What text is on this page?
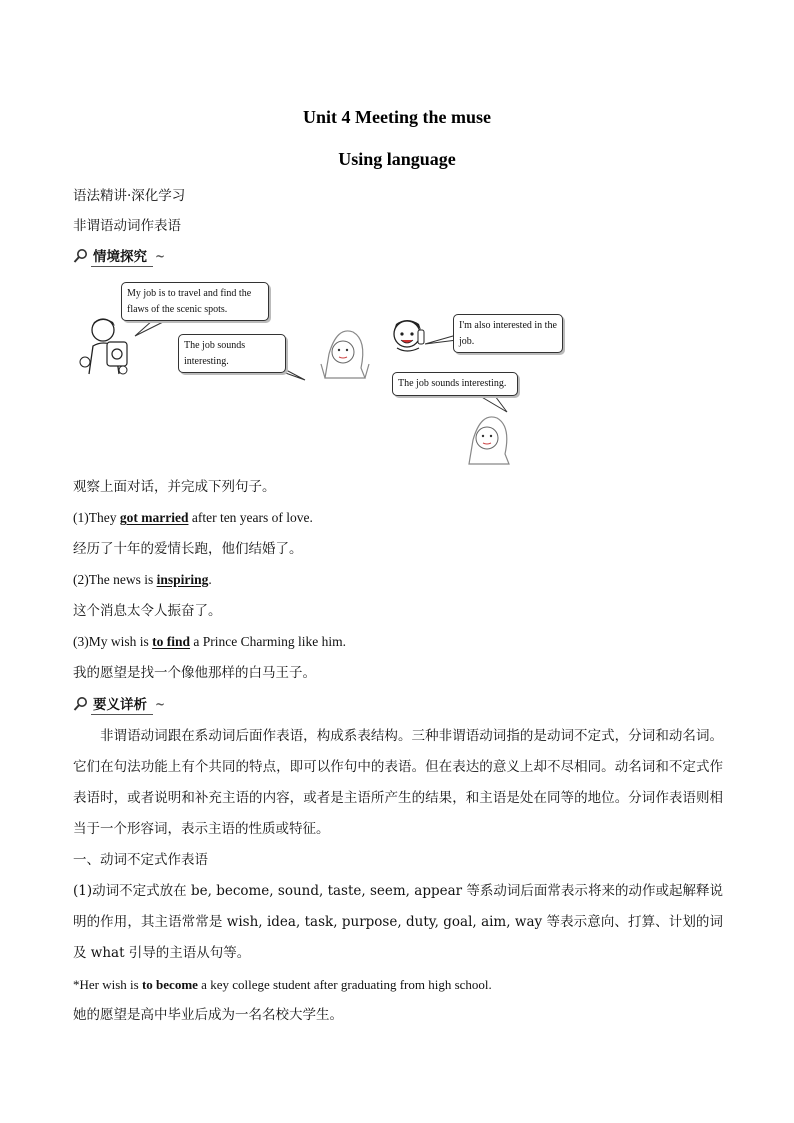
Unit 4 Meeting the muse
Using language
语法精讲·深化学习
非谓语动词作表语
情境探究 ~
My job is to travel and find the flaws of the scenic spots.
The job sounds interesting.
I'm also interested in the job.
The job sounds interesting.
观察上面对话，并完成下列句子。
(1)They got married after ten years of love.
经历了十年的爱情长跑，他们结婚了。
(2)The news is inspiring.
这个消息太令人振奋了。
(3)My wish is to find a Prince Charming like him.
我的愿望是找一个像他那样的白马王子。
要义详析 ~

非谓语动词跟在系动词后面作表语，构成系表结构。三种非谓语动词指的是动词不定式，分词和动名词。它们在句法功能上有个共同的特点，即可以作句中的表语。但在表达的意义上却不尽相同。动名词和不定式作表语时，或者说明和补充主语的内容，或者是主语所产生的结果，和主语是处在同等的地位。分词作表语则相当于一个形容词，表示主语的性质或特征。

一、动词不定式作表语

(1)动词不定式放在 be, become, sound, taste, seem, appear 等系动词后面常表示将来的动作或起解释说明的作用，其主语常常是 wish, idea, task, purpose, duty, goal, aim, way 等表示意向、打算、计划的词及 what 引导的主语从句等。

*Her wish is to become a key college student after graduating from high school.

她的愿望是高中毕业后成为一名名校大学生。
